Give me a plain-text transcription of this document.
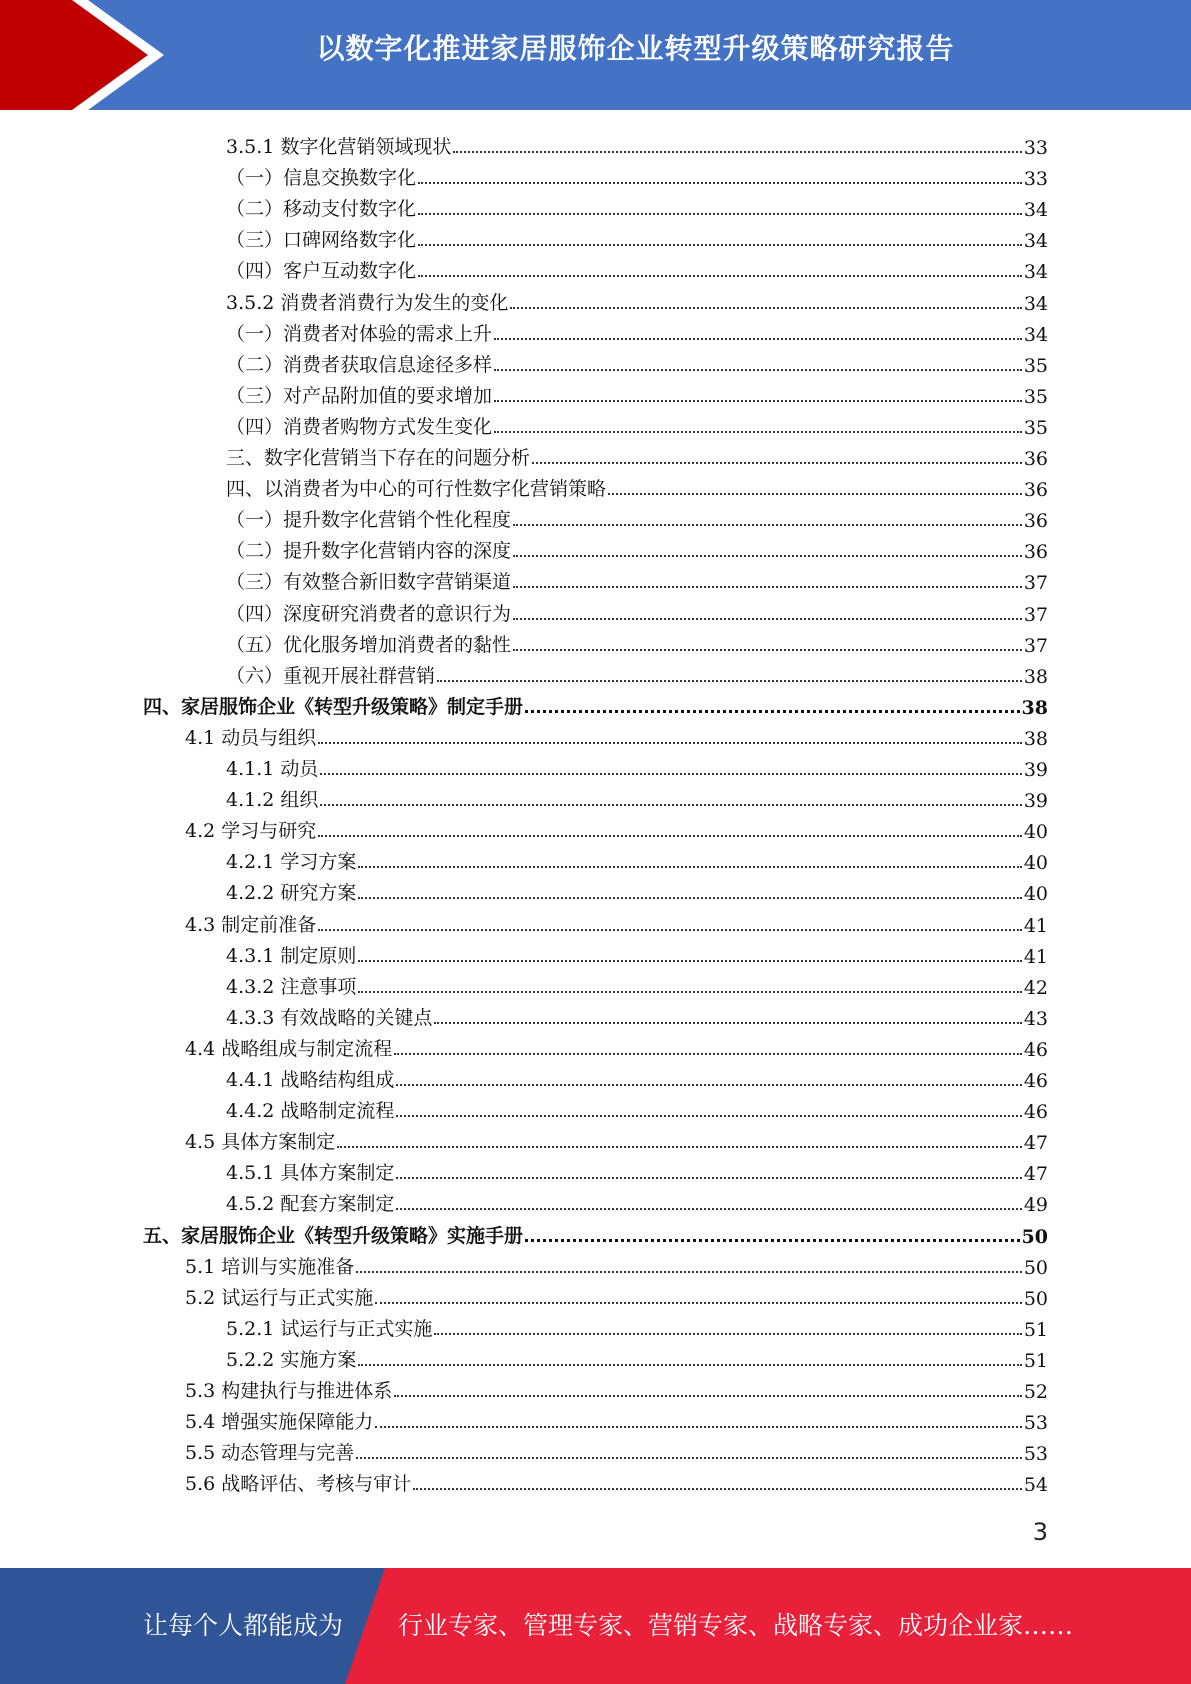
以数字化推进家居服饰企业转型升级策略研究报告
3.5.1 数字化营销领域现状	33
（一）信息交换数字化	33
（二）移动支付数字化	34
（三）口碑网络数字化	34
（四）客户互动数字化	34
3.5.2 消费者消费行为发生的变化	34
（一）消费者对体验的需求上升	34
（二）消费者获取信息途径多样	35
（三）对产品附加值的要求增加	35
（四）消费者购物方式发生变化	35
三、数字化营销当下存在的问题分析	36
四、以消费者为中心的可行性数字化营销策略	36
（一）提升数字化营销个性化程度	36
（二）提升数字化营销内容的深度	36
（三）有效整合新旧数字营销渠道	37
（四）深度研究消费者的意识行为	37
（五）优化服务增加消费者的黏性	37
（六）重视开展社群营销	38
四、家居服饰企业《转型升级策略》制定手册	38
4.1 动员与组织	38
4.1.1 动员	39
4.1.2 组织	39
4.2 学习与研究	40
4.2.1 学习方案	40
4.2.2 研究方案	40
4.3 制定前准备	41
4.3.1 制定原则	41
4.3.2 注意事项	42
4.3.3 有效战略的关键点	43
4.4 战略组成与制定流程	46
4.4.1 战略结构组成	46
4.4.2 战略制定流程	46
4.5 具体方案制定	47
4.5.1 具体方案制定	47
4.5.2 配套方案制定	49
五、家居服饰企业《转型升级策略》实施手册	50
5.1 培训与实施准备	50
5.2 试运行与正式实施	50
5.2.1 试运行与正式实施	51
5.2.2 实施方案	51
5.3 构建执行与推进体系	52
5.4 增强实施保障能力	53
5.5 动态管理与完善	53
5.6 战略评估、考核与审计	54
3
让每个人都能成为 行业专家、管理专家、营销专家、战略专家、成功企业家……
